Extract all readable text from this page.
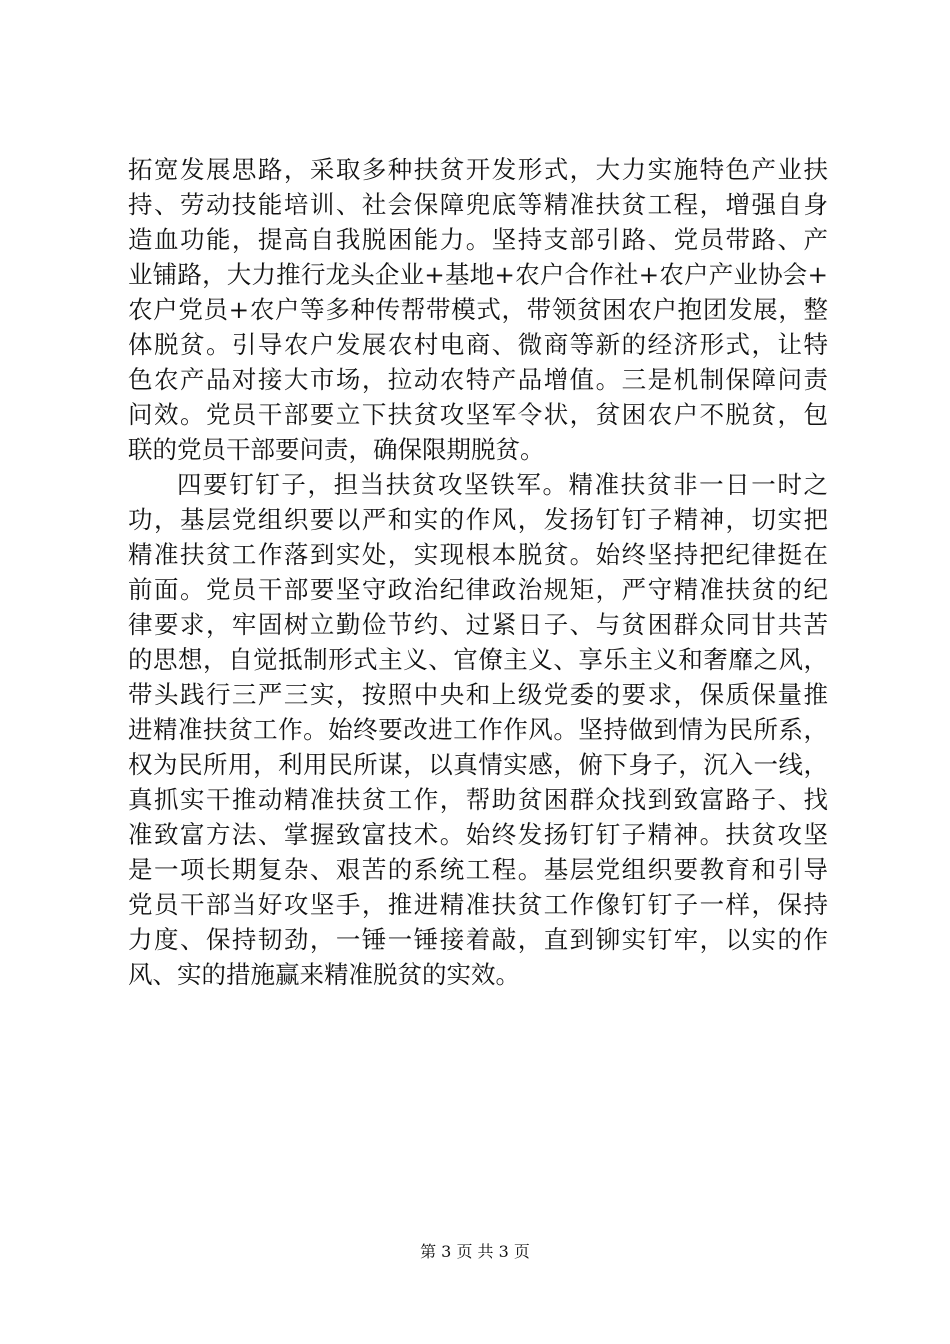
拓宽发展思路，采取多种扶贫开发形式，大力实施特色产业扶
持、劳动技能培训、社会保障兜底等精准扶贫工程，增强自身
造血功能，提高自我脱困能力。坚持支部引路、党员带路、产
业铺路，大力推行龙头企业+基地+农户合作社+农户产业协会+
农户党员+农户等多种传帮带模式，带领贫困农户抱团发展，整
体脱贫。引导农户发展农村电商、微商等新的经济形式，让特
色农产品对接大市场，拉动农特产品增值。三是机制保障问责
问效。党员干部要立下扶贫攻坚军令状，贫困农户不脱贫，包
联的党员干部要问责，确保限期脱贫。
四要钉钉子，担当扶贫攻坚铁军。精准扶贫非一日一时之
功，基层党组织要以严和实的作风，发扬钉钉子精神，切实把
精准扶贫工作落到实处，实现根本脱贫。始终坚持把纪律挺在
前面。党员干部要坚守政治纪律政治规矩，严守精准扶贫的纪
律要求，牢固树立勤俭节约、过紧日子、与贫困群众同甘共苦
的思想，自觉抵制形式主义、官僚主义、享乐主义和奢靡之风，
带头践行三严三实，按照中央和上级党委的要求，保质保量推
进精准扶贫工作。始终要改进工作作风。坚持做到情为民所系，
权为民所用，利用民所谋，以真情实感，俯下身子，沉入一线，
真抓实干推动精准扶贫工作，帮助贫困群众找到致富路子、找
准致富方法、掌握致富技术。始终发扬钉钉子精神。扶贫攻坚
是一项长期复杂、艰苦的系统工程。基层党组织要教育和引导
党员干部当好攻坚手，推进精准扶贫工作像钉钉子一样，保持
力度、保持韧劲，一锤一锤接着敲，直到铆实钉牢，以实的作
风、实的措施赢来精准脱贫的实效。
第 3 页 共 3 页
